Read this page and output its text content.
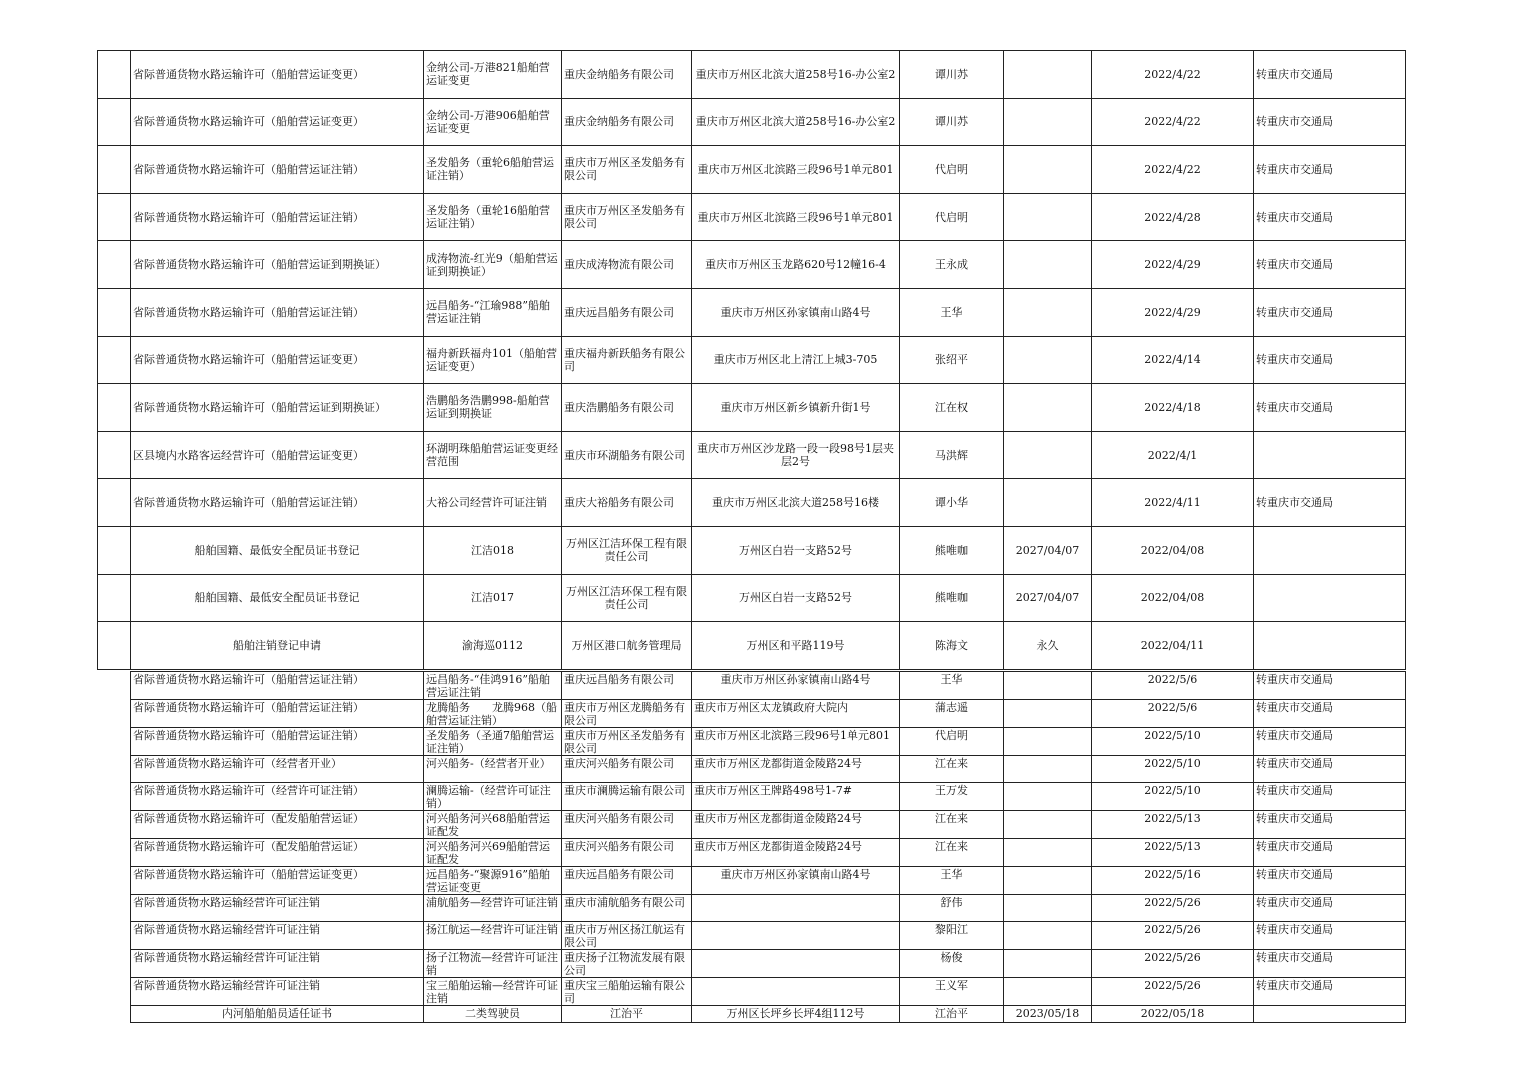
	省际普通货物水路运输许可（船舶营运证变更）	金纳公司-万港821船舶营运证变更	重庆金纳船务有限公司	重庆市万州区北滨大道258号16-办公室2	谭川苏		2022/4/22	转重庆市交通局
	省际普通货物水路运输许可（船舶营运证变更）	金纳公司-万港906船舶营运证变更	重庆金纳船务有限公司	重庆市万州区北滨大道258号16-办公室2	谭川苏		2022/4/22	转重庆市交通局
	省际普通货物水路运输许可（船舶营运证注销）	圣发船务（重轮6船舶营运证注销）	重庆市万州区圣发船务有限公司	重庆市万州区北滨路三段96号1单元801	代启明		2022/4/22	转重庆市交通局
	省际普通货物水路运输许可（船舶营运证注销）	圣发船务（重轮16船舶营运证注销）	重庆市万州区圣发船务有限公司	重庆市万州区北滨路三段96号1单元801	代启明		2022/4/28	转重庆市交通局
	省际普通货物水路运输许可（船舶营运证到期换证）	成涛物流-红光9（船舶营运证到期换证）	重庆成涛物流有限公司	重庆市万州区玉龙路620号12幢16-4	王永成		2022/4/29	转重庆市交通局
	省际普通货物水路运输许可（船舶营运证注销）	远昌船务-“江瑜988”船舶营运证注销	重庆远昌船务有限公司	重庆市万州区孙家镇南山路4号	王华		2022/4/29	转重庆市交通局
	省际普通货物水路运输许可（船舶营运证变更）	福舟新跃福舟101（船舶营运证变更）	重庆福舟新跃船务有限公司	重庆市万州区北上清江上城3-705	张绍平		2022/4/14	转重庆市交通局
	省际普通货物水路运输许可（船舶营运证到期换证）	浩鹏船务浩鹏998-船舶营运证到期换证	重庆浩鹏船务有限公司	重庆市万州区新乡镇新升街1号	江在权		2022/4/18	转重庆市交通局
	区县境内水路客运经营许可（船舶营运证变更）	环湖明珠船舶营运证变更经营范围	重庆市环湖船务有限公司	重庆市万州区沙龙路一段一段98号1层夹层2号	马洪辉		2022/4/1	
	省际普通货物水路运输许可（船舶营运证注销）	大裕公司经营许可证注销	重庆大裕船务有限公司	重庆市万州区北滨大道258号16楼	谭小华		2022/4/11	转重庆市交通局
	船舶国籍、最低安全配员证书登记	江洁018	万州区江洁环保工程有限责任公司	万州区白岩一支路52号	熊唯咖	2027/04/07	2022/04/08	
	船舶国籍、最低安全配员证书登记	江洁017	万州区江洁环保工程有限责任公司	万州区白岩一支路52号	熊唯咖	2027/04/07	2022/04/08	
	船舶注销登记申请	渝海巡0112	万州区港口航务管理局	万州区和平路119号	陈海文	永久	2022/04/11	
省际普通货物水路运输许可（船舶营运证注销）	远昌船务-“佳鸿916”船舶营运证注销	重庆远昌船务有限公司	重庆市万州区孙家镇南山路4号	王华		2022/5/6	转重庆市交通局
省际普通货物水路运输许可（船舶营运证注销）	龙腾船务　　龙腾968（船舶营运证注销）	重庆市万州区龙腾船务有限公司	重庆市万州区太龙镇政府大院内	蒲志遥		2022/5/6	转重庆市交通局
省际普通货物水路运输许可（船舶营运证注销）	圣发船务（圣通7船舶营运证注销）	重庆市万州区圣发船务有限公司	重庆市万州区北滨路三段96号1单元801	代启明		2022/5/10	转重庆市交通局
省际普通货物水路运输许可（经营者开业）	河兴船务-（经营者开业）	重庆河兴船务有限公司	重庆市万州区龙都街道金陵路24号	江在来		2022/5/10	转重庆市交通局
省际普通货物水路运输许可（经营许可证注销）	澜腾运输-（经营许可证注销）	重庆市澜腾运输有限公司	重庆市万州区王牌路498号1-7#	王万发		2022/5/10	转重庆市交通局
省际普通货物水路运输许可（配发船舶营运证）	河兴船务河兴68船舶营运证配发	重庆河兴船务有限公司	重庆市万州区龙都街道金陵路24号	江在来		2022/5/13	转重庆市交通局
省际普通货物水路运输许可（配发船舶营运证）	河兴船务河兴69船舶营运证配发	重庆河兴船务有限公司	重庆市万州区龙都街道金陵路24号	江在来		2022/5/13	转重庆市交通局
省际普通货物水路运输许可（船舶营运证变更）	远昌船务-“聚源916”船舶营运证变更	重庆远昌船务有限公司	重庆市万州区孙家镇南山路4号	王华		2022/5/16	转重庆市交通局
省际普通货物水路运输经营许可证注销	浦航船务—经营许可证注销	重庆市浦航船务有限公司		舒伟		2022/5/26	转重庆市交通局
省际普通货物水路运输经营许可证注销	扬江航运—经营许可证注销	重庆市万州区扬江航运有限公司		黎阳江		2022/5/26	转重庆市交通局
省际普通货物水路运输经营许可证注销	扬子江物流—经营许可证注销	重庆扬子江物流发展有限公司		杨俊		2022/5/26	转重庆市交通局
省际普通货物水路运输经营许可证注销	宝三船舶运输—经营许可证注销	重庆宝三船舶运输有限公司		王义军		2022/5/26	转重庆市交通局
内河船舶船员适任证书	二类驾驶员	江治平	万州区长坪乡长坪4组112号	江治平	2023/05/18	2022/05/18	
